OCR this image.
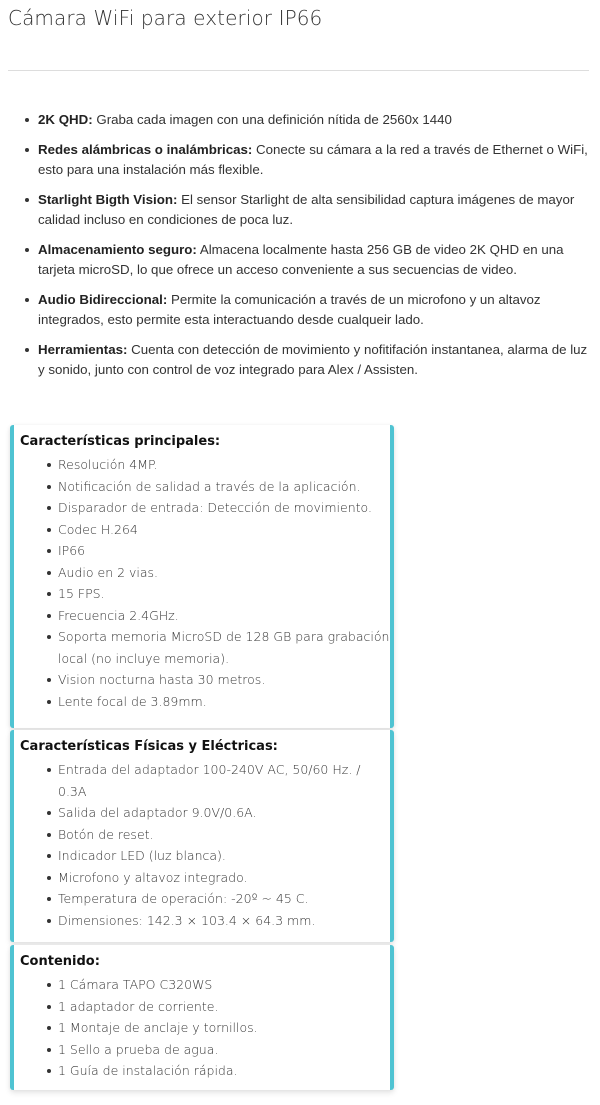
Cámara WiFi para exterior IP66
2K QHD: Graba cada imagen con una definición nítida de 2560x 1440
Redes alámbricas o inalámbricas: Conecte su cámara a la red a través de Ethernet o WiFi, esto para una instalación más flexible.
Starlight Bigth Vision: El sensor Starlight de alta sensibilidad captura imágenes de mayor calidad incluso en condiciones de poca luz.
Almacenamiento seguro: Almacena localmente hasta 256 GB de video 2K QHD en una tarjeta microSD, lo que ofrece un acceso conveniente a sus secuencias de video.
Audio Bidireccional: Permite la comunicación a través de un microfono y un altavoz integrados, esto permite esta interactuando desde cualqueir lado.
Herramientas: Cuenta con detección de movimiento y nofitifación instantanea, alarma de luz y sonido, junto con control de voz integrado para Alex / Assisten.
Características principales:
Resolución 4MP.
Notificación de salidad a través de la aplicación.
Disparador de entrada: Detección de movimiento.
Codec H.264
IP66
Audio en 2 vias.
15 FPS.
Frecuencia 2.4GHz.
Soporta memoria MicroSD de 128 GB para grabación local (no incluye memoria).
Vision nocturna hasta 30 metros.
Lente focal de 3.89mm.
Características Físicas y Eléctricas:
Entrada del adaptador 100-240V AC, 50/60 Hz. / 0.3A
Salida del adaptador 9.0V/0.6A.
Botón de reset.
Indicador LED (luz blanca).
Microfono y altavoz integrado.
Temperatura de operación: -20º ~ 45 C.
Dimensiones: 142.3 × 103.4 × 64.3 mm.
Contenido:
1 Cámara TAPO C320WS
1 adaptador de corriente.
1 Montaje de anclaje y tornillos.
1 Sello a prueba de agua.
1 Guía de instalación rápida.
